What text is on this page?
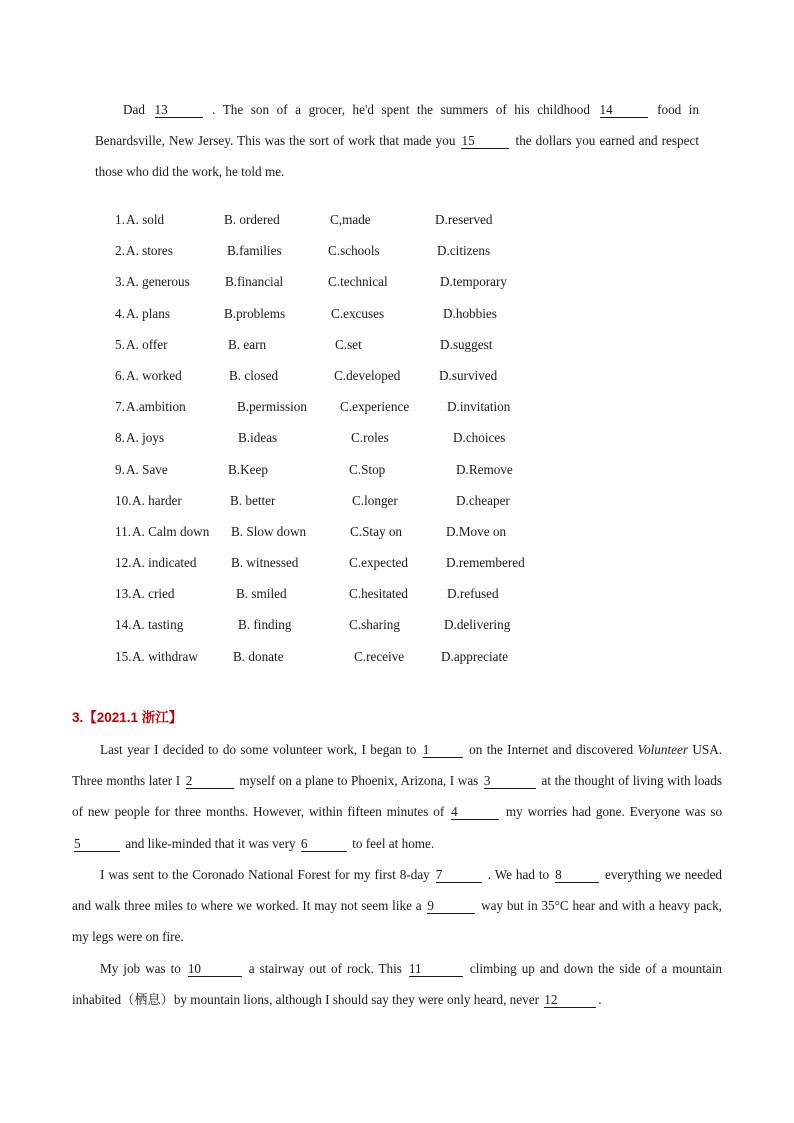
Dad 13	. The son of a grocer, he'd spent the summers of his childhood 14	food in Benardsville, New Jersey. This was the sort of work that made you 15	the dollars you earned and respect those who did the work, he told me.

1. A. sold	B. ordered	C,made	D.reserved
2. A. stores	B.families	C.schools	D.citizens
3. A. generous	B.financial	C.technical	D.temporary
4. A. plans	B.problems	C.excuses	D.hobbies
5. A. offer	B. earn	C.set	D.suggest
6. A. worked	B. closed	C.developed	D.survived
7. A.ambition	B.permission	C.experience	D.invitation
8. A. joys	B.ideas	C.roles	D.choices
9. A. Save	B.Keep	C.Stop	D.Remove
10. A. harder	B. better	C.longer	D.cheaper
11. A. Calm down B. Slow down	C.Stay on	D.Move on
12. A. indicated	B. witnessed	C.expected	D.remembered
13. A. cried	B. smiled	C.hesitated	D.refused
14. A. tasting	B. finding	C.sharing	D.delivering
15. A. withdraw	B. donate	C.receive	D.appreciate
3.【2021.1 浙江】

Last year I decided to do some volunteer work, I began to 1	on the Internet and discovered Volunteer USA. Three months later I 2	myself on a plane to Phoenix, Arizona, I was 3	at the thought of living with loads of new people for three months. However, within fifteen minutes of 4	my worries had gone. Everyone was so 5	and like-minded that it was very 6	to feel at home.

I was sent to the Coronado National Forest for my first 8-day 7	. We had to 8	everything we needed and walk three miles to where we worked. It may not seem like a 9	way but in 35°C hear and with a heavy pack, my legs were on fire.

My job was to 10	a stairway out of rock. This 11	climbing up and down the side of a mountain inhabited（栖息）by mountain lions, although I should say they were only heard, never 12	.
